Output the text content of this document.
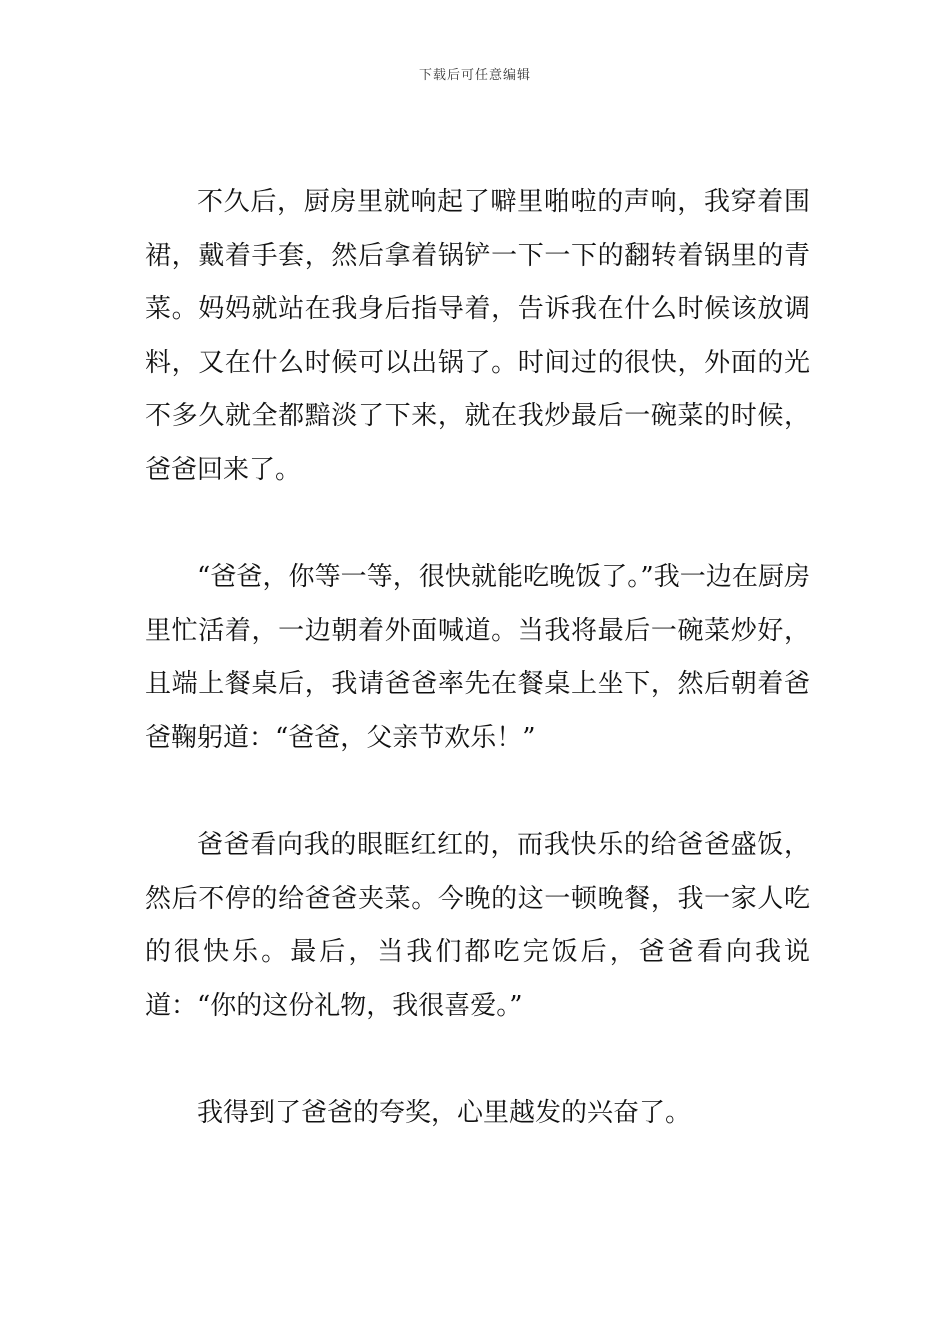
下载后可任意编辑

不久后，厨房里就响起了噼里啪啦的声响，我穿着围裙，戴着手套，然后拿着锅铲一下一下的翻转着锅里的青菜。妈妈就站在我身后指导着，告诉我在什么时候该放调料，又在什么时候可以出锅了。时间过的很快，外面的光不多久就全都黯淡了下来，就在我炒最后一碗菜的时候，爸爸回来了。

“爸爸，你等一等，很快就能吃晚饭了。”我一边在厨房里忙活着，一边朝着外面喊道。当我将最后一碗菜炒好，且端上餐桌后，我请爸爸率先在餐桌上坐下，然后朝着爸爸鞠躬道：“爸爸，父亲节欢乐！”

爸爸看向我的眼眶红红的，而我快乐的给爸爸盛饭，然后不停的给爸爸夹菜。今晚的这一顿晚餐，我一家人吃的很快乐。最后，当我们都吃完饭后，爸爸看向我说道：“你的这份礼物，我很喜爱。”

我得到了爸爸的夸奖，心里越发的兴奋了。
